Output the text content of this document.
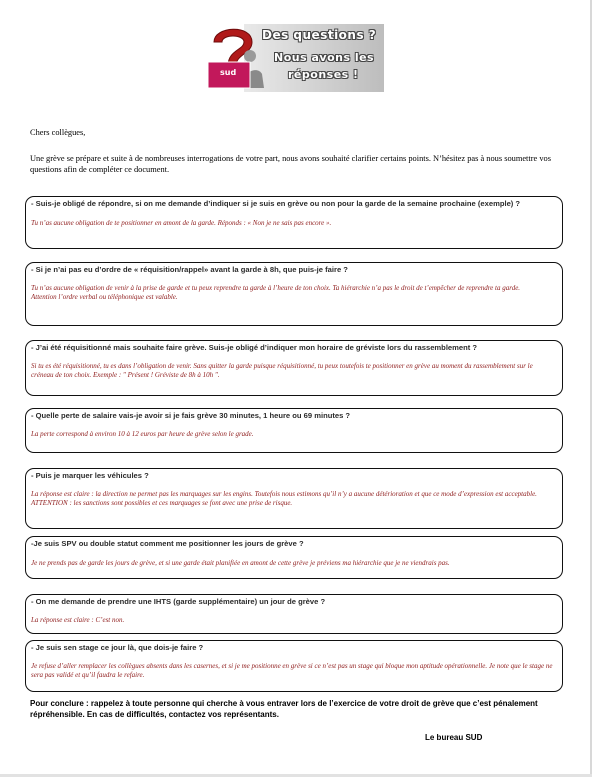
Des questions ?
Nous avons les
réponses !
sud
Chers collègues,
Une grève se prépare et suite à de nombreuses interrogations de votre part, nous avons souhaité clarifier certains points. N’hésitez pas à nous soumettre vos questions afin de compléter ce document.

- Suis-je obligé de répondre, si on me demande d’indiquer si je suis en grève ou non pour la garde de la semaine prochaine (exemple) ?

Tu n’as aucune obligation de te positionner en amont de la garde. Réponds : « Non je ne sais pas encore ».

- Si je n’ai pas eu d’ordre de « réquisition/rappel» avant la garde à 8h, que puis-je faire ?

Tu n’as aucune obligation de venir à la prise de garde et tu peux reprendre ta garde à l’heure de ton choix. Ta hiérarchie n’a pas le droit de t’empêcher de reprendre ta garde.

Attention l’ordre verbal ou téléphonique est valable.

- J’ai été réquisitionné mais souhaite faire grève. Suis-je obligé d’indiquer mon horaire de gréviste lors du rassemblement ?

Si tu es été réquisitionné, tu es dans l’obligation de venir. Sans quitter la garde puisque réquisitionné, tu peux toutefois te positionner en grève au moment du rassemblement sur le créneau de ton choix. Exemple : " Présent ! Gréviste de 8h à 10h ".

- Quelle perte de salaire vais-je avoir si je fais grève 30 minutes, 1 heure ou 69 minutes ?

La perte correspond à environ 10 à 12 euros par heure de grève selon le grade.

- Puis je marquer les véhicules ?

La réponse est claire : la direction ne permet pas les marquages sur les engins. Toutefois nous estimons qu’il n’y a aucune détérioration et que ce mode d’expression est acceptable.

ATTENTION : les sanctions sont possibles et ces marquages se font avec une prise de risque.

-Je suis SPV ou double statut comment me positionner les jours de grève ?

Je ne prends pas de garde les jours de grève, et si une garde était planifiée en amont de cette grève je préviens ma hiérarchie que je ne viendrais pas.

- On me demande de prendre une IHTS (garde supplémentaire) un jour de grève ?

La réponse est claire : C’est non.

- Je suis sen stage ce jour là, que dois-je faire ?

Je refuse d’aller remplacer les collègues absents dans les casernes, et si je me positionne en grève si ce n’est pas un stage qui bloque mon aptitude opérationnelle. Je note que le stage ne sera pas validé et qu’il faudra le refaire.

Pour conclure : rappelez à toute personne qui cherche à vous entraver lors de l’exercice de votre droit de grève que c’est pénalement répréhensible. En cas de difficultés, contactez vos représentants.
Le bureau SUD
